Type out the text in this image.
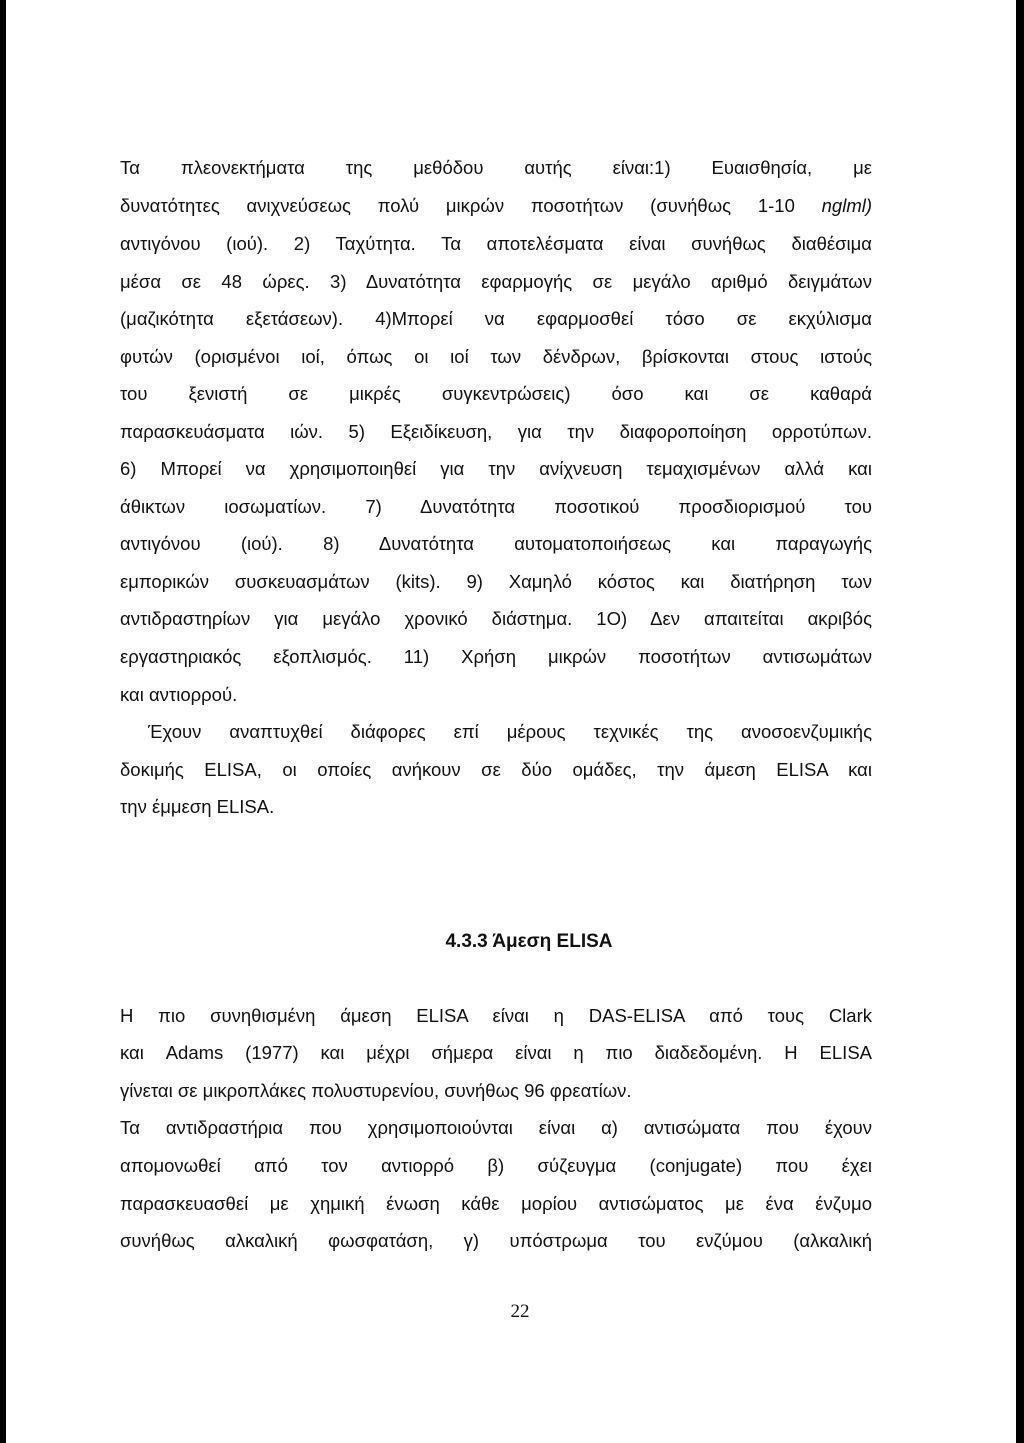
Τα πλεονεκτήματα της μεθόδου αυτής είναι:1) Ευαισθησία, με
δυνατότητες ανιχνεύσεως πολύ μικρών ποσοτήτων (συνήθως 1-10 nglml)
αντιγόνου (ιού). 2) Ταχύτητα. Τα αποτελέσματα είναι συνήθως διαθέσιμα
μέσα σε 48 ώρες. 3) Δυνατότητα εφαρμογής σε μεγάλο αριθμό δειγμάτων
(μαζικότητα εξετάσεων). 4)Μπορεί να εφαρμοσθεί τόσο σε εκχύλισμα
φυτών (ορισμένοι ιοί, όπως οι ιοί των δένδρων, βρίσκονται στους ιστούς
του ξενιστή σε μικρές συγκεντρώσεις) όσο και σε καθαρά
παρασκευάσματα ιών. 5) Εξειδίκευση, για την διαφοροποίηση ορροτύπων.
6) Μπορεί να χρησιμοποιηθεί για την ανίχνευση τεμαχισμένων αλλά και
άθικτων ιοσωματίων. 7) Δυνατότητα ποσοτικού προσδιορισμού του
αντιγόνου (ιού). 8) Δυνατότητα αυτοματοποιήσεως και παραγωγής
εμπορικών συσκευασμάτων (kits). 9) Χαμηλό κόστος και διατήρηση των
αντιδραστηρίων για μεγάλο χρονικό διάστημα. 1Ο) Δεν απαιτείται ακριβός
εργαστηριακός εξοπλισμός. 11) Χρήση μικρών ποσοτήτων αντισωμάτων
και αντιορρού.
Έχουν αναπτυχθεί διάφορες επί μέρους τεχνικές της ανοσοενζυμικής
δοκιμής ELISA, οι οποίες ανήκουν σε δύο ομάδες, την άμεση ELISA και
την έμμεση ELISA.
4.3.3 Άμεση ELISA
Η πιο συνηθισμένη άμεση ELISA είναι η DAS-ELISA από τους Clark
και Adams (1977) και μέχρι σήμερα είναι η πιο διαδεδομένη. Η ELISA
γίνεται σε μικροπλάκες πολυστυρενίου, συνήθως 96 φρεατίων.
Τα αντιδραστήρια που χρησιμοποιούνται είναι α) αντισώματα που έχουν
απομονωθεί από τον αντιορρό β) σύζευγμα (conjugate) που έχει
παρασκευασθεί με χημική ένωση κάθε μορίου αντισώματος με ένα ένζυμο
συνήθως αλκαλική φωσφατάση, γ) υπόστρωμα του ενζύμου (αλκαλική
22
